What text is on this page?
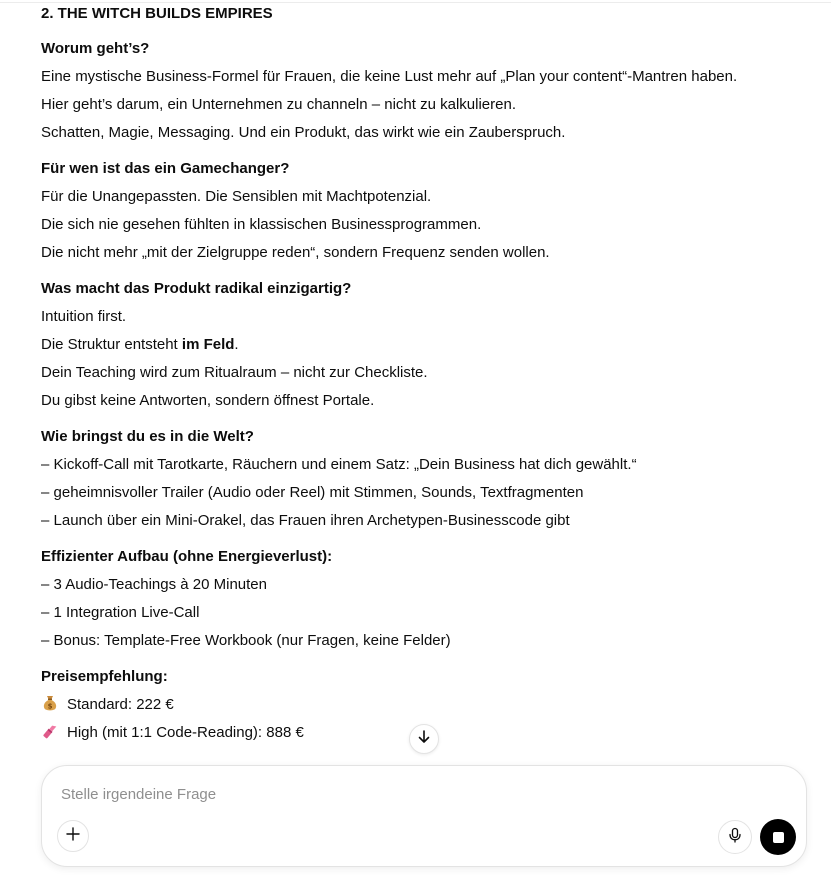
2. THE WITCH BUILDS EMPIRES
Worum geht’s?
Eine mystische Business-Formel für Frauen, die keine Lust mehr auf „Plan your content“-Mantren haben.
Hier geht’s darum, ein Unternehmen zu channeln – nicht zu kalkulieren.
Schatten, Magie, Messaging. Und ein Produkt, das wirkt wie ein Zauberspruch.
Für wen ist das ein Gamechanger?
Für die Unangepassten. Die Sensiblen mit Machtpotenzial.
Die sich nie gesehen fühlten in klassischen Businessprogrammen.
Die nicht mehr „mit der Zielgruppe reden“, sondern Frequenz senden wollen.
Was macht das Produkt radikal einzigartig?
Intuition first.
Die Struktur entsteht im Feld.
Dein Teaching wird zum Ritualraum – nicht zur Checkliste.
Du gibst keine Antworten, sondern öffnest Portale.
Wie bringst du es in die Welt?
– Kickoff-Call mit Tarotkarte, Räuchern und einem Satz: „Dein Business hat dich gewählt.“
– geheimnisvoller Trailer (Audio oder Reel) mit Stimmen, Sounds, Textfragmenten
– Launch über ein Mini-Orakel, das Frauen ihren Archetypen-Businesscode gibt
Effizienter Aufbau (ohne Energieverlust):
– 3 Audio-Teachings à 20 Minuten
– 1 Integration Live-Call
– Bonus: Template-Free Workbook (nur Fragen, keine Felder)
Preisempfehlung:
$ Standard: 222 €
High (mit 1:1 Code-Reading): 888 €
Stelle irgendeine Frage
